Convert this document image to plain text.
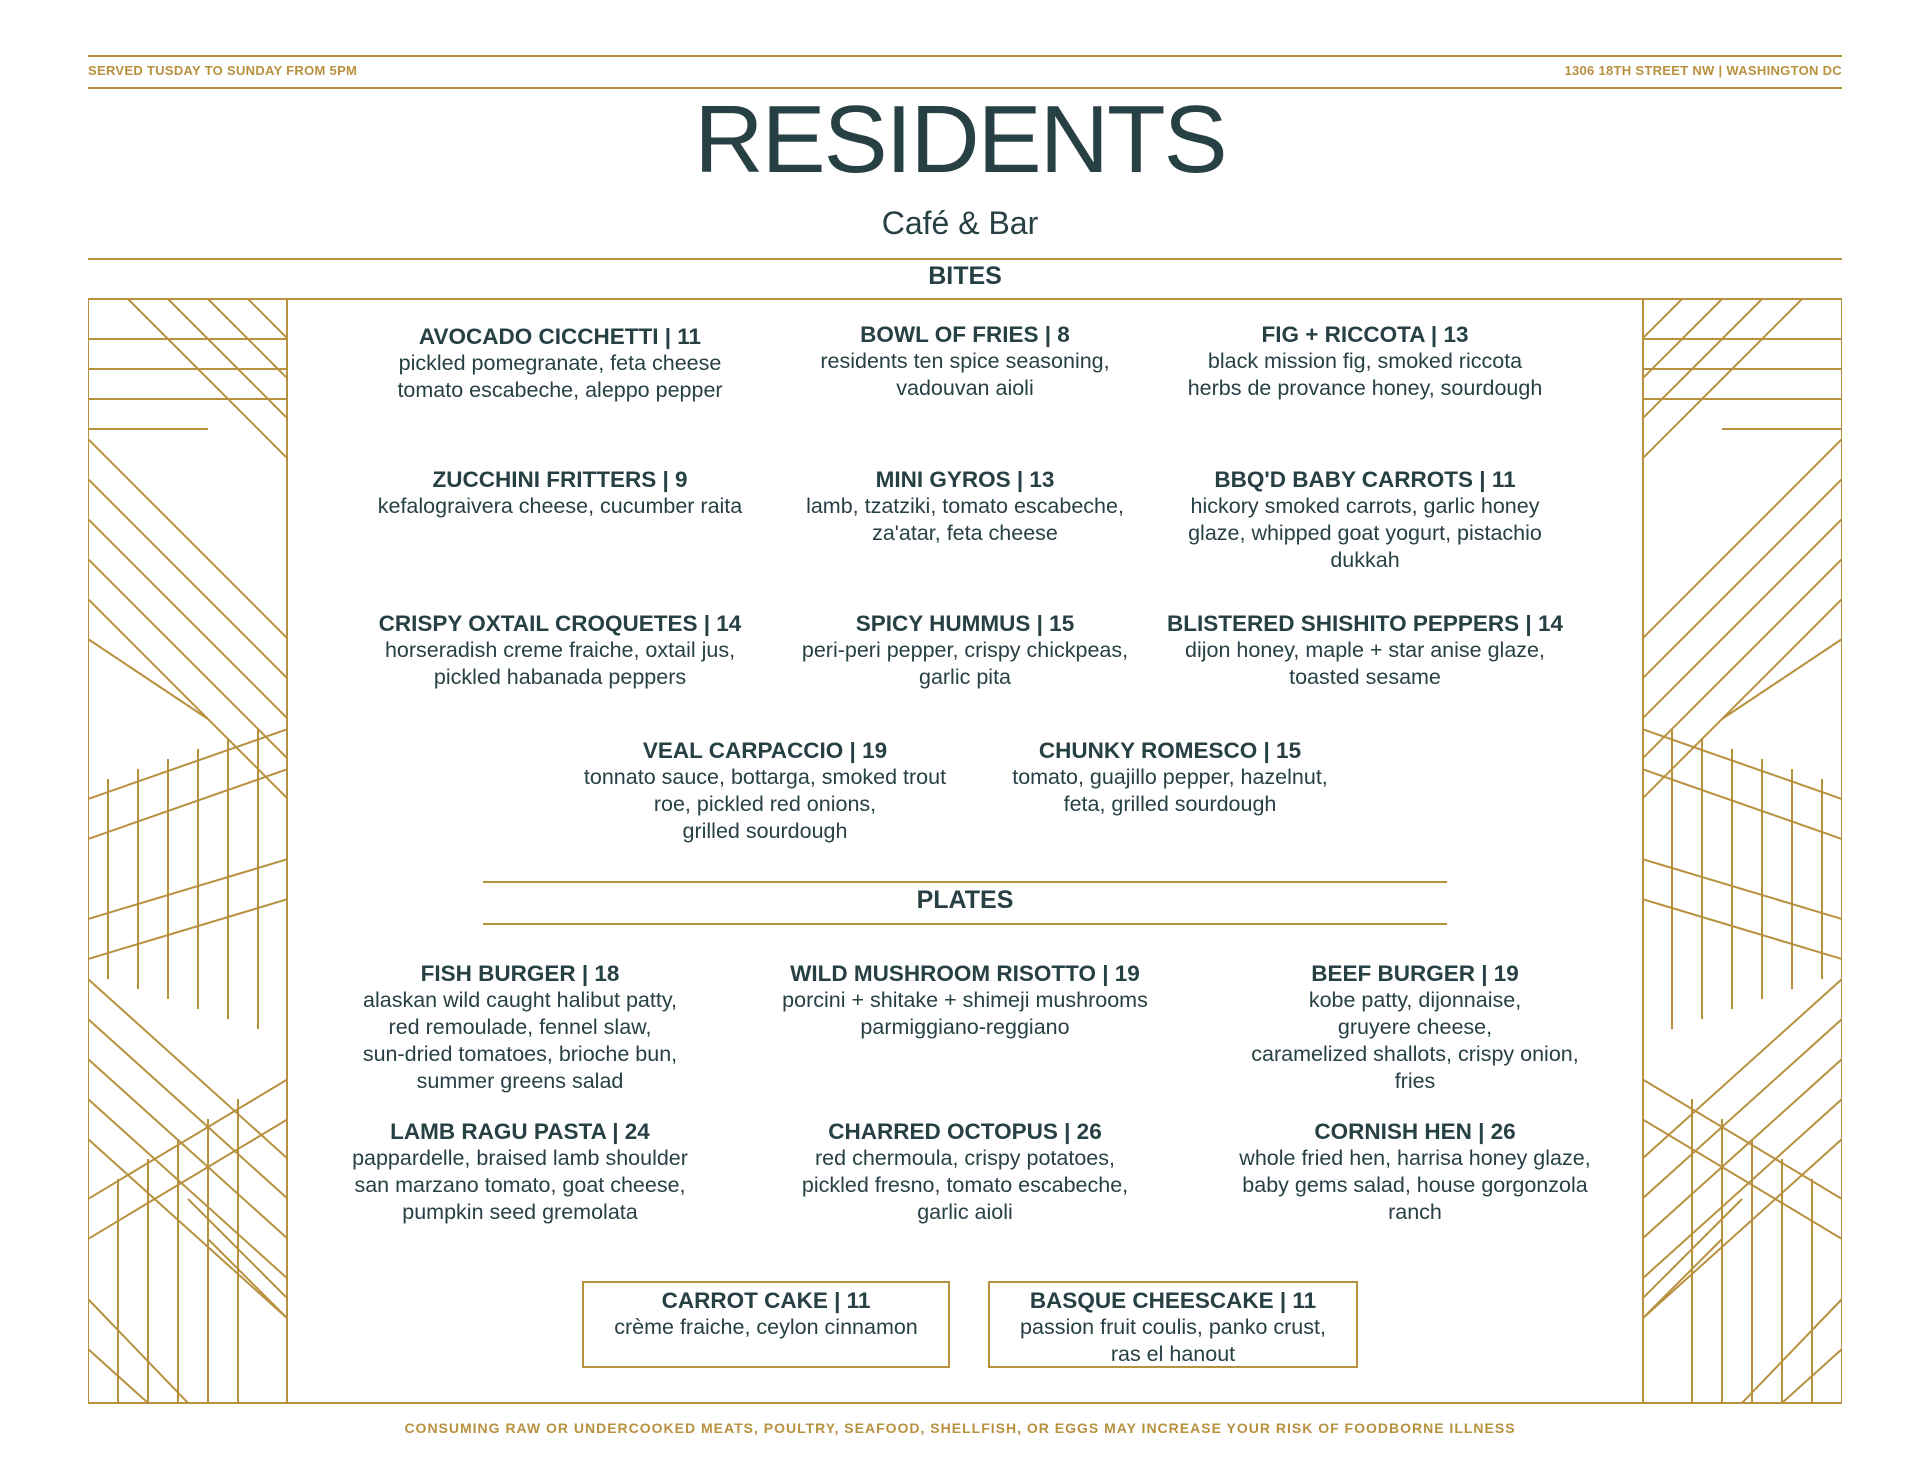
SERVED TUSDAY TO SUNDAY FROM 5PM	1306 18TH STREET NW | WASHINGTON DC
RESIDENTS
Café & Bar
BITES
AVOCADO CICCHETTI | 11
pickled pomegranate, feta cheese
tomato escabeche, aleppo pepper
BOWL OF FRIES | 8
residents ten spice seasoning,
vadouvan aioli
FIG + RICCOTA | 13
black mission fig, smoked riccota
herbs de provance honey, sourdough
ZUCCHINI FRITTERS | 9
kefalograivera cheese, cucumber raita
MINI GYROS | 13
lamb, tzatziki, tomato escabeche,
za'atar, feta cheese
BBQ'D BABY CARROTS | 11
hickory smoked carrots, garlic honey
glaze, whipped goat yogurt, pistachio
dukkah
CRISPY OXTAIL CROQUETES | 14
horseradish creme fraiche, oxtail jus,
pickled habanada peppers
SPICY HUMMUS | 15
peri-peri pepper, crispy chickpeas,
garlic pita
BLISTERED SHISHITO PEPPERS | 14
dijon honey, maple + star anise glaze,
toasted sesame
VEAL CARPACCIO | 19
tonnato sauce, bottarga, smoked trout
roe, pickled red onions,
grilled sourdough
CHUNKY ROMESCO | 15
tomato, guajillo pepper, hazelnut,
feta, grilled sourdough
PLATES
FISH BURGER | 18
alaskan wild caught halibut patty,
red remoulade, fennel slaw,
sun-dried tomatoes, brioche bun,
summer greens salad
WILD MUSHROOM RISOTTO | 19
porcini + shitake + shimeji mushrooms
parmiggiano-reggiano
BEEF BURGER | 19
kobe patty, dijonnaise,
gruyere cheese,
caramelized shallots, crispy onion,
fries
LAMB RAGU PASTA | 24
pappardelle, braised lamb shoulder
san marzano tomato, goat cheese,
pumpkin seed gremolata
CHARRED OCTOPUS | 26
red chermoula, crispy potatoes,
pickled fresno, tomato escabeche,
garlic aioli
CORNISH HEN | 26
whole fried hen, harrisa honey glaze,
baby gems salad, house gorgonzola
ranch
CARROT CAKE | 11
crème fraiche, ceylon cinnamon
BASQUE CHEESCAKE | 11
passion fruit coulis, panko crust,
ras el hanout
CONSUMING RAW OR UNDERCOOKED MEATS, POULTRY, SEAFOOD, SHELLFISH, OR EGGS MAY INCREASE YOUR RISK OF FOODBORNE ILLNESS
